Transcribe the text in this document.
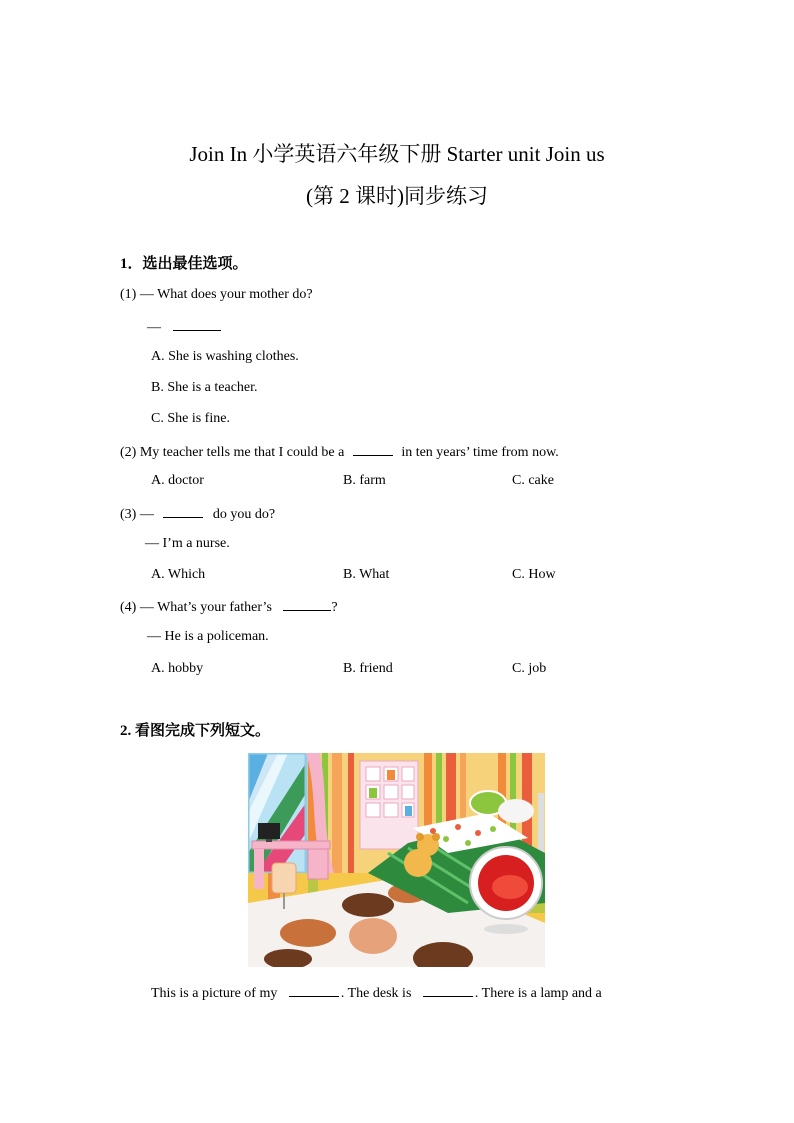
Join In 小学英语六年级下册 Starter unit Join us
(第 2 课时)同步练习
1．选出最佳选项。
(1) — What does your mother do?
—
A. She is washing clothes.
B. She is a teacher.
C. She is fine.
(2) My teacher tells me that I could be a	in ten years’ time from now.
A. doctor	B. farm	C. cake
(3) —	do you do?
— I’m a nurse.
A. Which	B. What	C. How
(4) — What’s your father’s	?
— He is a policeman.
A. hobby	B. friend	C. job
2. 看图完成下列短文。
This is a picture of my	. The desk is	. There is a lamp and a
